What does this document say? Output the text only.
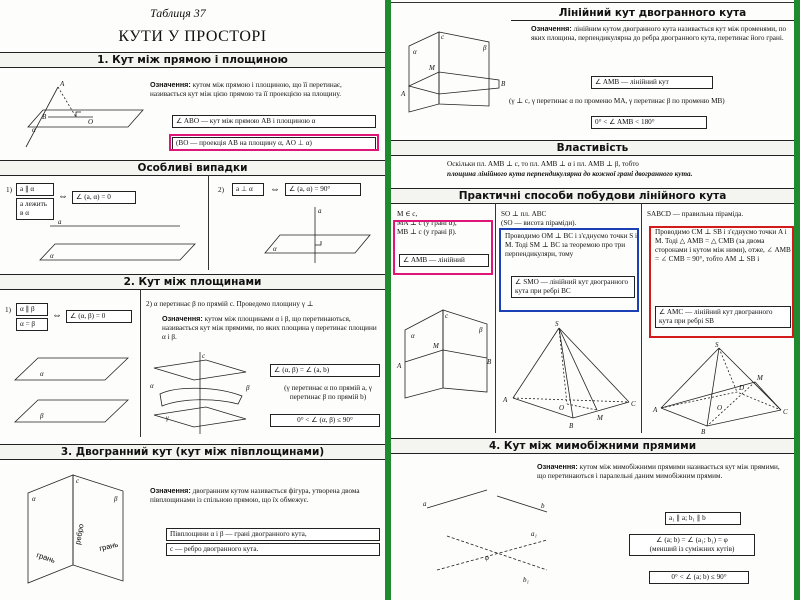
Таблиця 37
КУТИ У ПРОСТОРІ
1. Кут між прямою і площиною
A
B
O
α
Означення: кутом між прямою і площиною, що її перетинає, називається кут між цією прямою та її проекцією на площину.
∠ ABO — кут між прямою AB і площиною α
(BO — проекція AB на площину α, AO ⊥ α)
Особливі випадки
1)	a ∥ α
a лежить в α
⇔	∠ (a, α) = 0
a
α
2)	a ⊥ α	⇔	∠ (a, α) = 90°
a
α
2. Кут між площинами
1)	α ∥ β
α = β
⇔	∠ (α, β) = 0
α
β
2) α перетинає β по прямій c. Проведемо площину γ ⊥
Означення: кутом між площинами α і β, що перетинаються, називається кут між прямими, по яких площина γ перетинає площини α і β.
c
α	β
γ
∠ (α, β) = ∠ (a, b)
(γ перетинає α по прямій a, γ перетинає β по прямій b)
0° < ∠ (α, β) ≤ 90°
3. Двогранний кут (кут між півплощинами)
c
α	β
ребро
грань
грань
Означення: двогранним кутом називається фігура, утворена двома півплощинами із спільною прямою, що їх обмежує.
Півплощини α і β — грані двогранного кута,
c — ребро двогранного кута.
Лінійний кут двогранного кута
c
M
A
B
α	β
Означення: лінійним кутом двогранного кута називається кут між променями, по яких площина, перпендикулярна до ребра двогранного кута, перетинає його грані.
∠ AMB — лінійний кут
(γ ⊥ c, γ перетинає α по променю MA, γ перетинає β по променю MB)
0° < ∠ AMB < 180°
Властивість
Оскільки пл. AMB ⊥ c, то пл. AMB ⊥ α і пл. AMB ⊥ β, тобто
площина лінійного кута перпендикулярна до кожної грані двогранного кута.
Практичні способи побудови лінійного кута
M ∈ c,
MA ⊥ c (у грані α),
MB ⊥ c (у грані β).
∠ AMB — лінійний
c
M
A	B
α
β
SO ⊥ пл. ABC
(SO — висота піраміди).
Проводимо OM ⊥ BC і з'єднуємо точки S і M. Тоді SM ⊥ BC за теоремою про три перпендикуляри, тому
∠ SMO — лінійний кут двогранного кута при ребрі BC
S
A
B
C
O
M
SABCD — правильна піраміда.
Проводимо CM ⊥ SB і з'єднуємо точки A і M. Тоді △ AMB = △ CMB (за двома сторонами і кутом між ними), отже, ∠ AMB = ∠ CMB = 90°, тобто AM ⊥ SB і
∠ AMC — лінійний кут двогранного кута при ребрі SB
S
A
B
C
D
M
O
4. Кут між мимобіжними прямими
a	b
a₁
b₁
φ
Означення: кутом між мимобіжними прямими називається кут між прямими, що перетинаються і паралельні даним мимобіжним прямим.
a₁ ∥ a; b₁ ∥ b
∠ (a; b) = ∠ (a₁; b₁) = φ
(менший із суміжних кутів)
0° < ∠ (a; b) ≤ 90°
